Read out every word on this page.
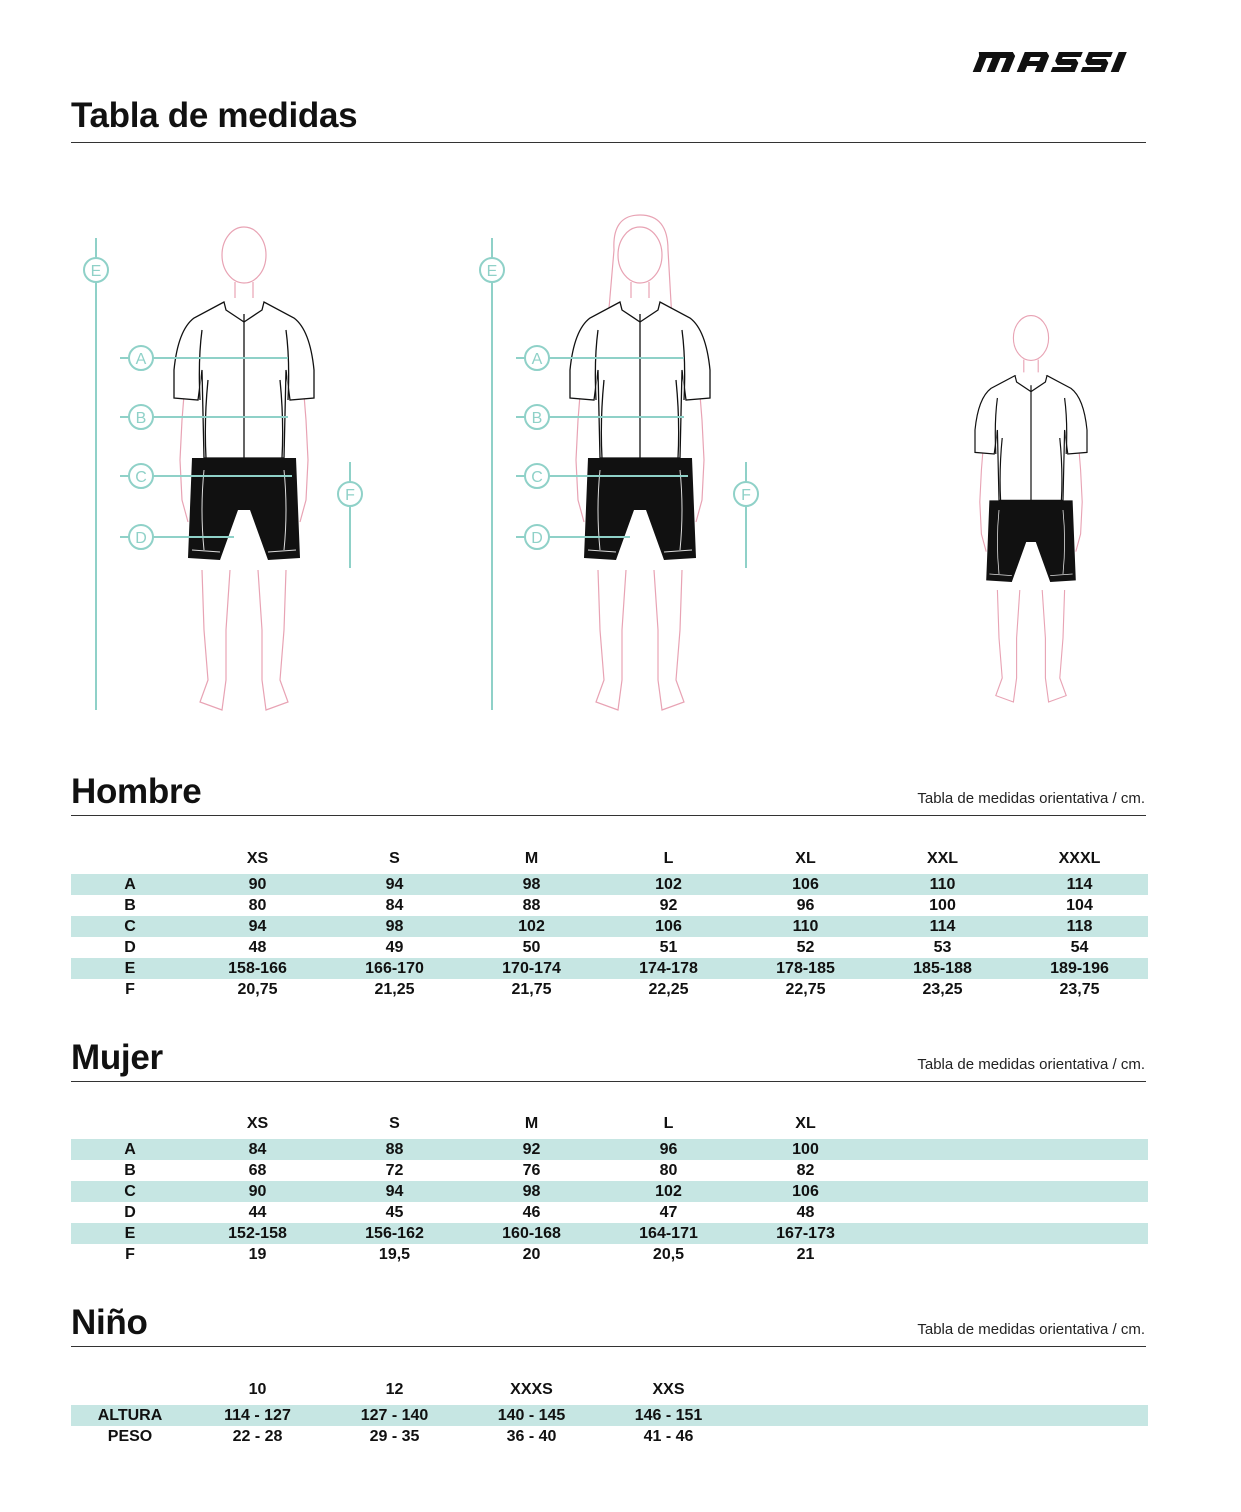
Tabla de medidas
E
A
B
C
D
F
E
A
B
C
D
F
Hombre	Tabla de medidas orientativa / cm.
	XS	S	M	L	XL	XXL	XXXL
A	90	94	98	102	106	110	114
B	80	84	88	92	96	100	104
C	94	98	102	106	110	114	118
D	48	49	50	51	52	53	54
E	158-166	166-170	170-174	174-178	178-185	185-188	189-196
F	20,75	21,25	21,75	22,25	22,75	23,25	23,75
Mujer	Tabla de medidas orientativa / cm.
	XS	S	M	L	XL		
A	84	88	92	96	100		
B	68	72	76	80	82		
C	90	94	98	102	106		
D	44	45	46	47	48		
E	152-158	156-162	160-168	164-171	167-173		
F	19	19,5	20	20,5	21		
Niño	Tabla de medidas orientativa / cm.
	10	12	XXXS	XXS			
ALTURA	114 - 127	127 - 140	140 - 145	146 - 151			
PESO	22 - 28	29 - 35	36 - 40	41 - 46			
